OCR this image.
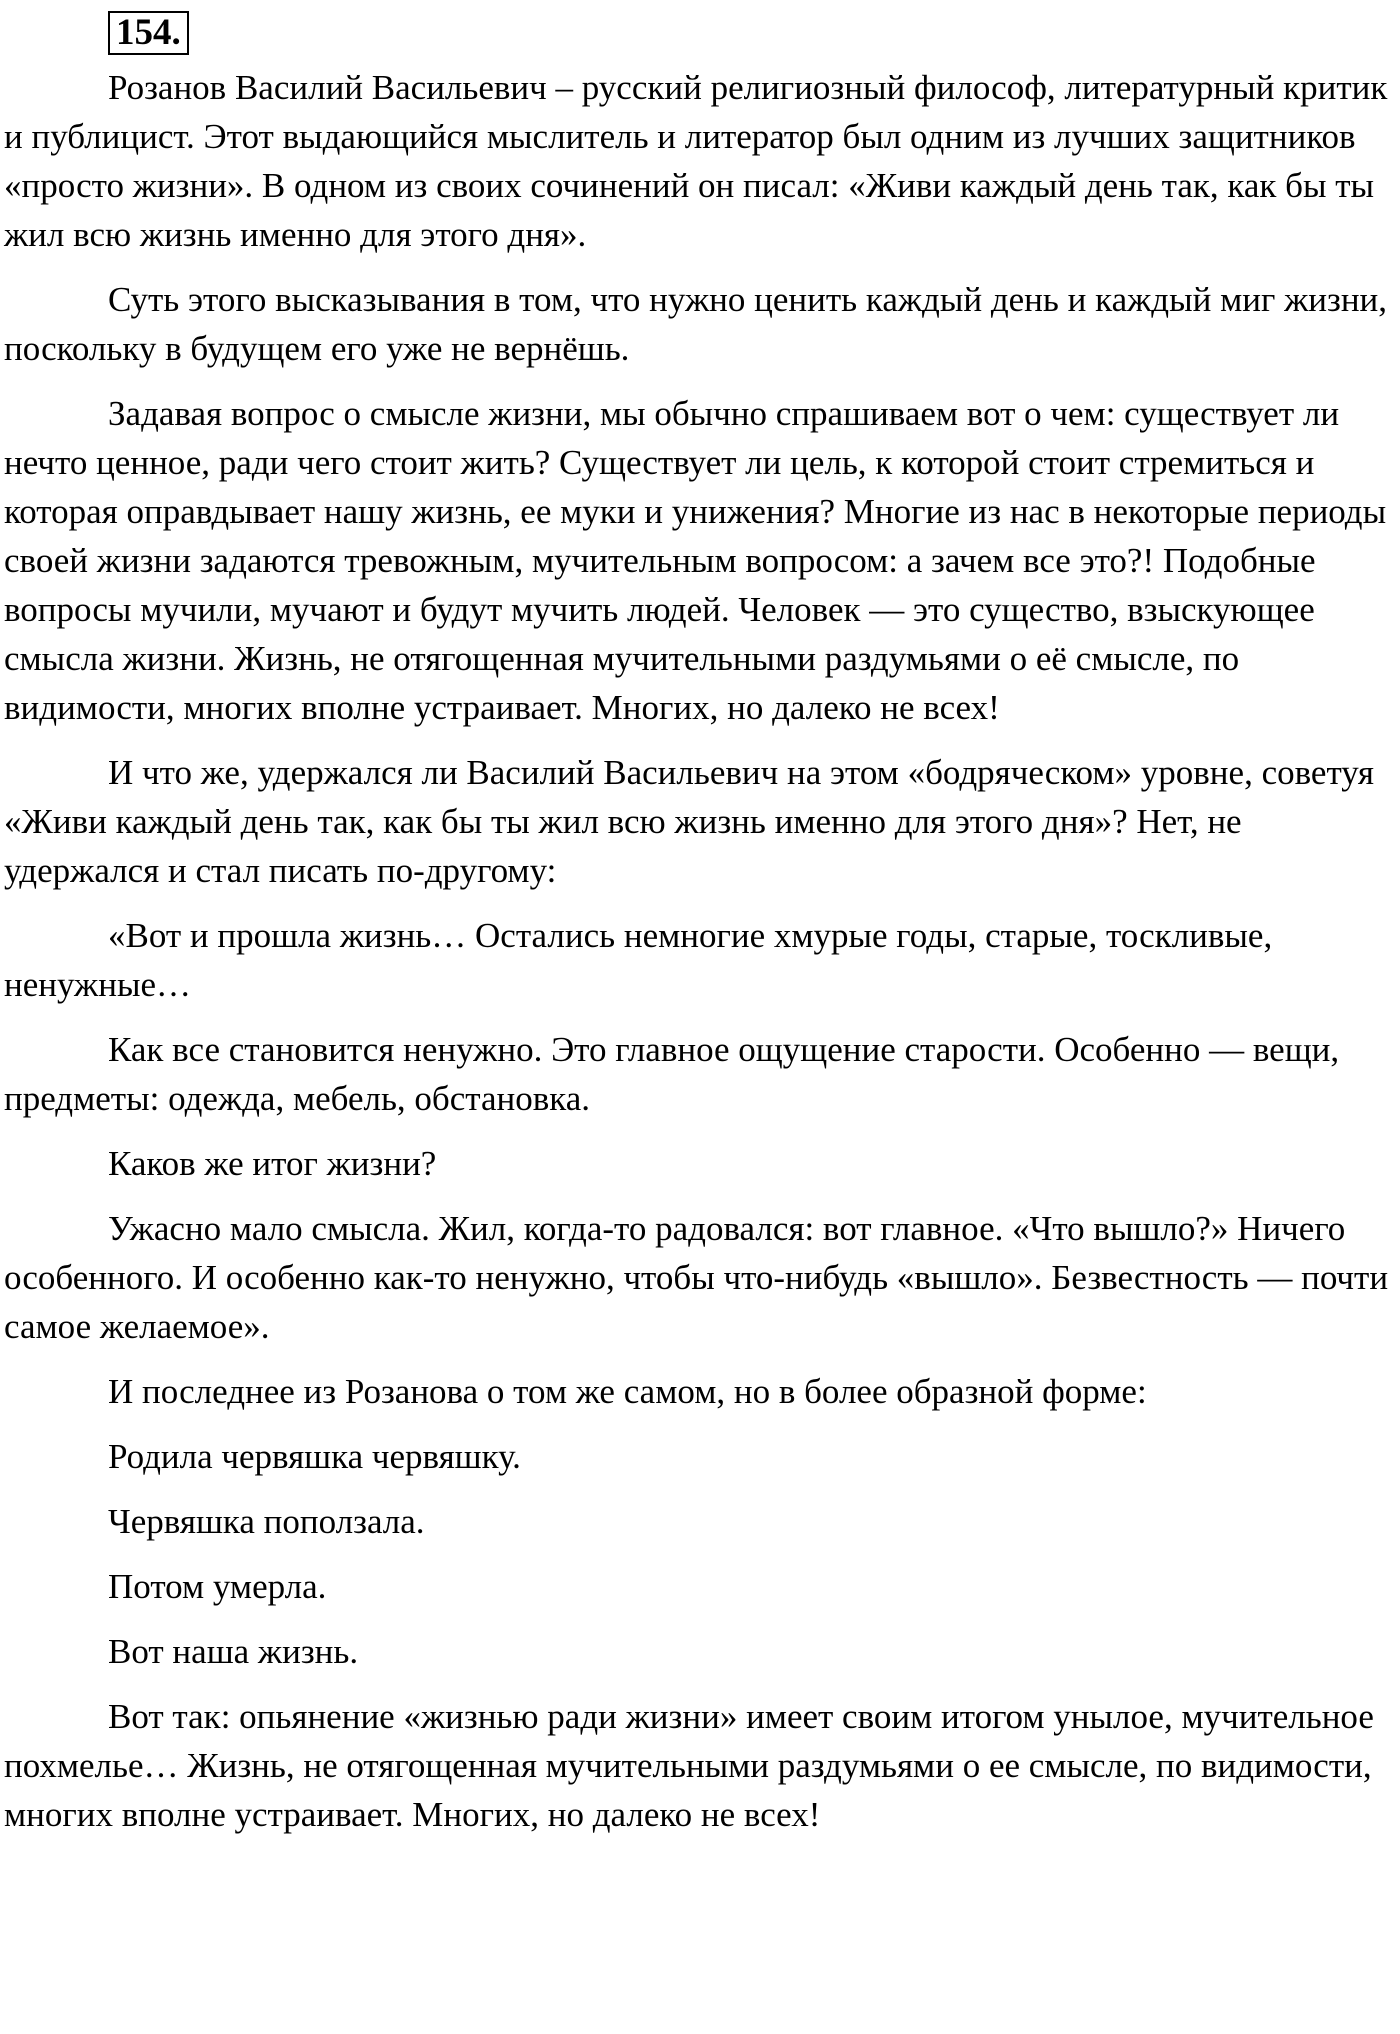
154.

Розанов Василий Васильевич – русский религиозный философ, литературный критик и публицист. Этот выдающийся мыслитель и литератор был одним из лучших защитников «просто жизни». В одном из своих сочинений он писал: «Живи каждый день так, как бы ты жил всю жизнь именно для этого дня».

Суть этого высказывания в том, что нужно ценить каждый день и каждый миг жизни, поскольку в будущем его уже не вернёшь.

Задавая вопрос о смысле жизни, мы обычно спрашиваем вот о чем: существует ли нечто ценное, ради чего стоит жить? Существует ли цель, к которой стоит стремиться и которая оправдывает нашу жизнь, ее муки и унижения? Многие из нас в некоторые периоды своей жизни задаются тревожным, мучительным вопросом: а зачем все это?! Подобные вопросы мучили, мучают и будут мучить людей. Человек — это существо, взыскующее смысла жизни. Жизнь, не отягощенная мучительными раздумьями о её смысле, по видимости, многих вполне устраивает. Многих, но далеко не всех!

И что же, удержался ли Василий Васильевич на этом «бодряческом» уровне, советуя «Живи каждый день так, как бы ты жил всю жизнь именно для этого дня»? Нет, не удержался и стал писать по-другому:

«Вот и прошла жизнь… Остались немногие хмурые годы, старые, тоскливые, ненужные…

Как все становится ненужно. Это главное ощущение старости. Особенно — вещи, предметы: одежда, мебель, обстановка.

Каков же итог жизни?

Ужасно мало смысла. Жил, когда-то радовался: вот главное. «Что вышло?» Ничего особенного. И особенно как-то ненужно, чтобы что-нибудь «вышло». Безвестность — почти самое желаемое».

И последнее из Розанова о том же самом, но в более образной форме:

Родила червяшка червяшку.

Червяшка поползала.

Потом умерла.

Вот наша жизнь.

Вот так: опьянение «жизнью ради жизни» имеет своим итогом унылое, мучительное похмелье… Жизнь, не отягощенная мучительными раздумьями о ее смысле, по видимости, многих вполне устраивает. Многих, но далеко не всех!
